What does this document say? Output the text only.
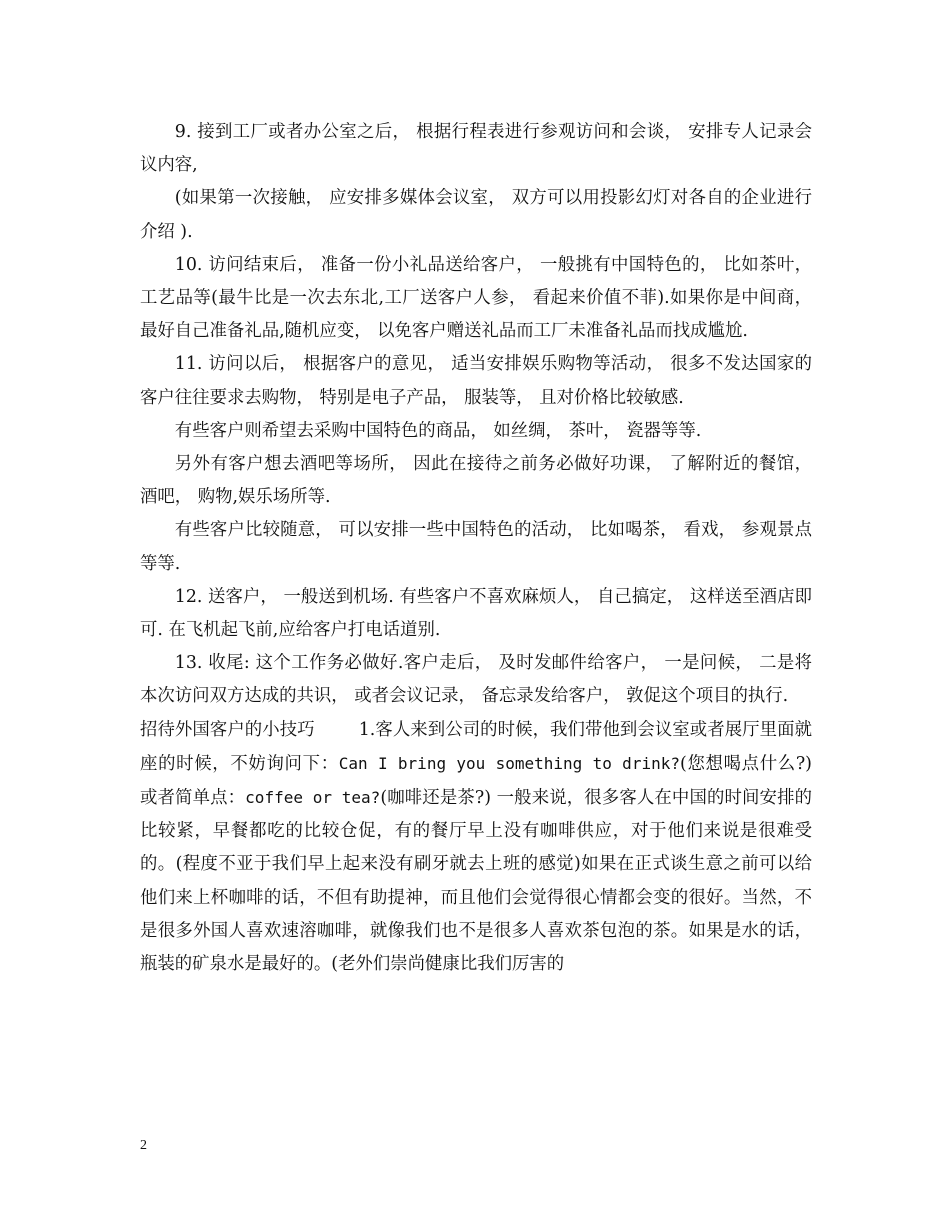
9. 接到工厂或者办公室之后， 根据行程表进行参观访问和会谈， 安排专人记录会议内容,

(如果第一次接触， 应安排多媒体会议室， 双方可以用投影幻灯对各自的企业进行介绍 ).

10. 访问结束后， 准备一份小礼品送给客户， 一般挑有中国特色的， 比如茶叶， 工艺品等(最牛比是一次去东北,工厂送客户人参， 看起来价值不菲).如果你是中间商， 最好自己准备礼品,随机应变， 以免客户赠送礼品而工厂未准备礼品而找成尴尬.

11. 访问以后， 根据客户的意见， 适当安排娱乐购物等活动， 很多不发达国家的客户往往要求去购物， 特别是电子产品， 服装等， 且对价格比较敏感.

有些客户则希望去采购中国特色的商品， 如丝绸， 茶叶， 瓷器等等.

另外有客户想去酒吧等场所， 因此在接待之前务必做好功课， 了解附近的餐馆， 酒吧， 购物,娱乐场所等.

有些客户比较随意， 可以安排一些中国特色的活动， 比如喝茶， 看戏， 参观景点等等.

12. 送客户， 一般送到机场. 有些客户不喜欢麻烦人， 自己搞定， 这样送至酒店即可. 在飞机起飞前,应给客户打电话道别.

13. 收尾: 这个工作务必做好.客户走后， 及时发邮件给客户， 一是问候， 二是将本次访问双方达成的共识， 或者会议记录， 备忘录发给客户， 敦促这个项目的执行.

招待外国客户的小技巧	1.客人来到公司的时候，我们带他到会议室或者展厅里面就座的时候，不妨询问下：Can I bring you something to drink?(您想喝点什么?)或者简单点：coffee or tea?(咖啡还是茶?) 一般来说，很多客人在中国的时间安排的比较紧，早餐都吃的比较仓促，有的餐厅早上没有咖啡供应，对于他们来说是很难受的。(程度不亚于我们早上起来没有刷牙就去上班的感觉)如果在正式谈生意之前可以给他们来上杯咖啡的话，不但有助提神，而且他们会觉得很心情都会变的很好。当然，不是很多外国人喜欢速溶咖啡，就像我们也不是很多人喜欢茶包泡的茶。如果是水的话，瓶装的矿泉水是最好的。(老外们崇尚健康比我们厉害的

2
